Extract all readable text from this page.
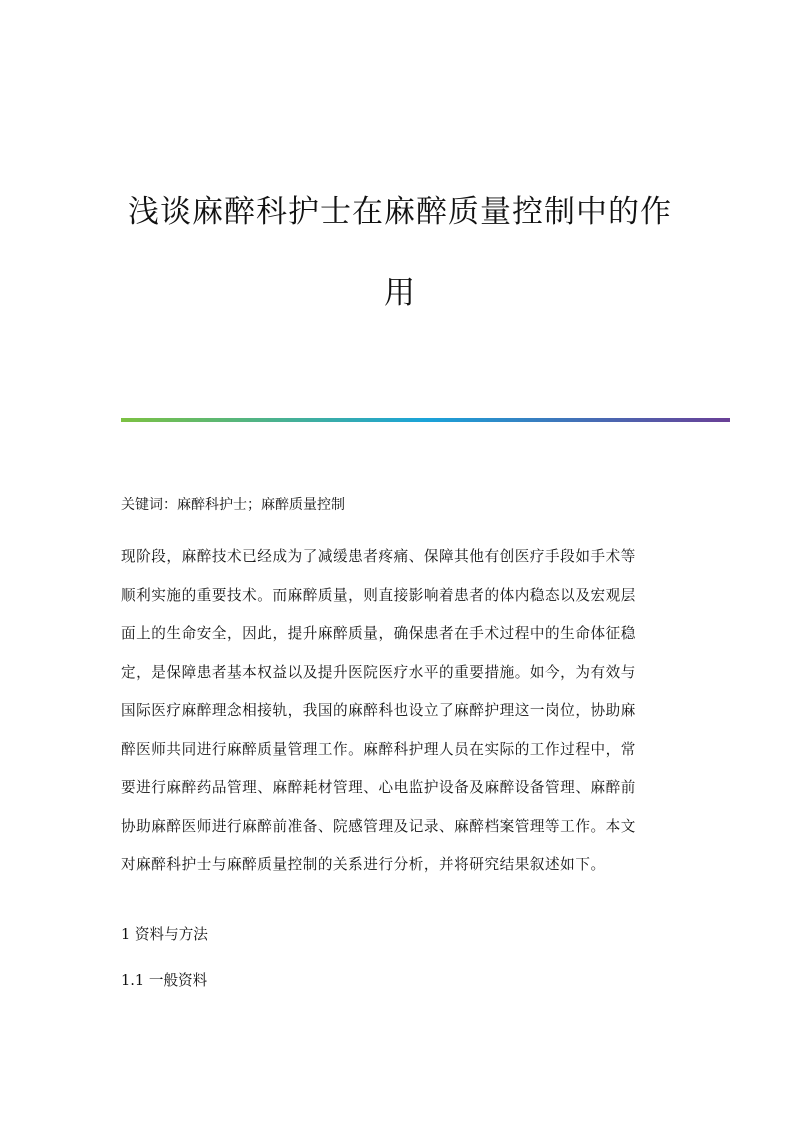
浅谈麻醉科护士在麻醉质量控制中的作
用
关键词：麻醉科护士；麻醉质量控制
现阶段，麻醉技术已经成为了减缓患者疼痛、保障其他有创医疗手段如手术等
顺利实施的重要技术。而麻醉质量，则直接影响着患者的体内稳态以及宏观层
面上的生命安全，因此，提升麻醉质量，确保患者在手术过程中的生命体征稳
定，是保障患者基本权益以及提升医院医疗水平的重要措施。如今，为有效与
国际医疗麻醉理念相接轨，我国的麻醉科也设立了麻醉护理这一岗位，协助麻
醉医师共同进行麻醉质量管理工作。麻醉科护理人员在实际的工作过程中，常
要进行麻醉药品管理、麻醉耗材管理、心电监护设备及麻醉设备管理、麻醉前
协助麻醉医师进行麻醉前准备、院感管理及记录、麻醉档案管理等工作。本文
对麻醉科护士与麻醉质量控制的关系进行分析，并将研究结果叙述如下。
1 资料与方法
1.1 一般资料
